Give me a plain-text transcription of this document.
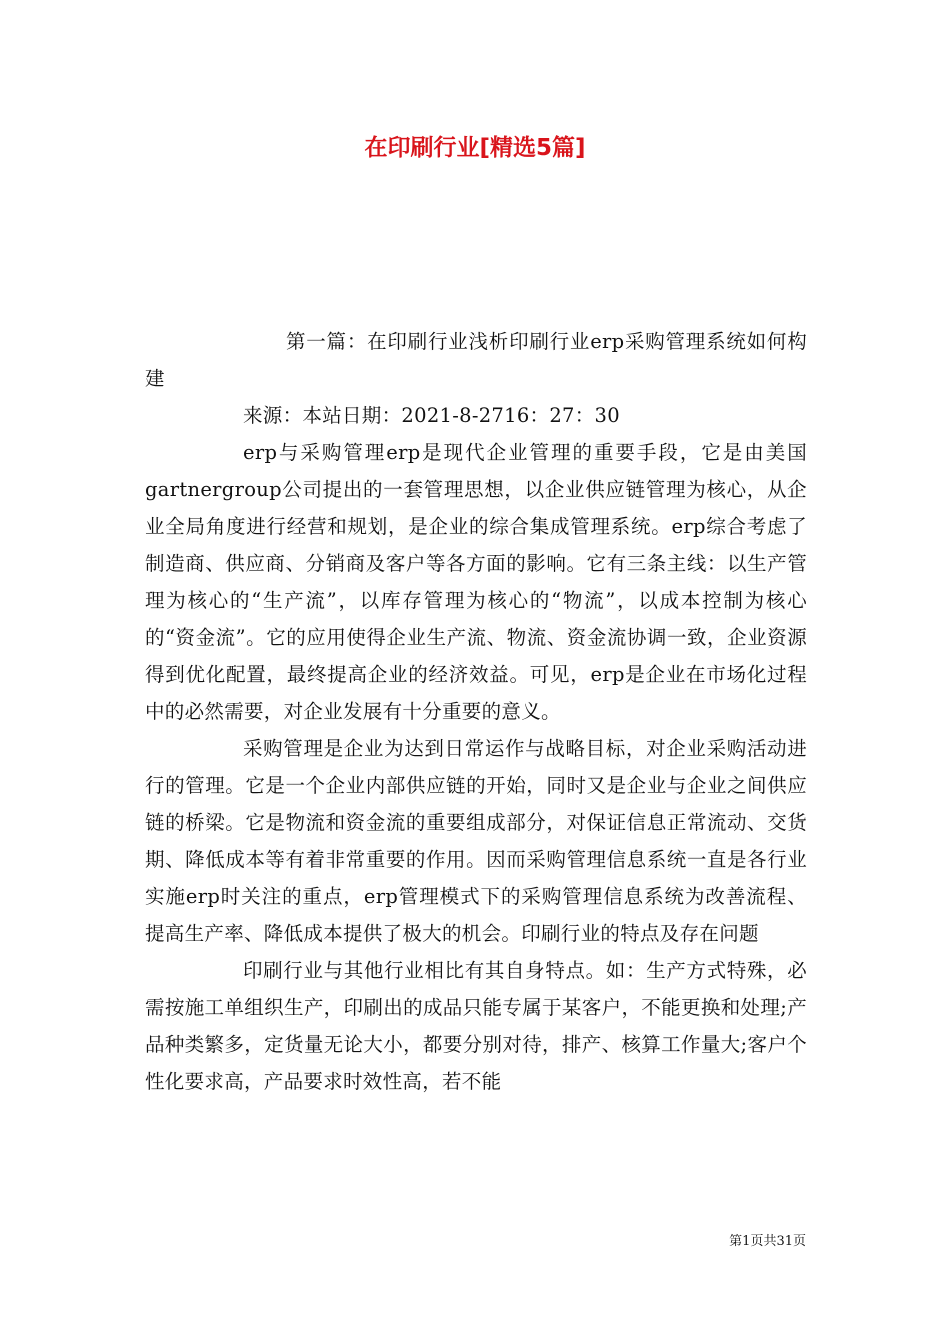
在印刷行业[精选5篇]

第一篇：在印刷行业浅析印刷行业erp采购管理系统如何构建

来源：本站日期：2021-8-2716：27：30

erp与采购管理erp是现代企业管理的重要手段，它是由美国gartnergroup公司提出的一套管理思想，以企业供应链管理为核心，从企业全局角度进行经营和规划，是企业的综合集成管理系统。erp综合考虑了制造商、供应商、分销商及客户等各方面的影响。它有三条主线：以生产管理为核心的“生产流”，以库存管理为核心的“物流”，以成本控制为核心的“资金流”。它的应用使得企业生产流、物流、资金流协调一致，企业资源得到优化配置，最终提高企业的经济效益。可见，erp是企业在市场化过程中的必然需要，对企业发展有十分重要的意义。

采购管理是企业为达到日常运作与战略目标，对企业采购活动进行的管理。它是一个企业内部供应链的开始，同时又是企业与企业之间供应链的桥梁。它是物流和资金流的重要组成部分，对保证信息正常流动、交货期、降低成本等有着非常重要的作用。因而采购管理信息系统一直是各行业实施erp时关注的重点，erp管理模式下的采购管理信息系统为改善流程、提高生产率、降低成本提供了极大的机会。印刷行业的特点及存在问题

印刷行业与其他行业相比有其自身特点。如：生产方式特殊，必需按施工单组织生产，印刷出的成品只能专属于某客户，不能更换和处理;产品种类繁多，定货量无论大小，都要分别对待，排产、核算工作量大;客户个性化要求高，产品要求时效性高，若不能

第1页共31页
